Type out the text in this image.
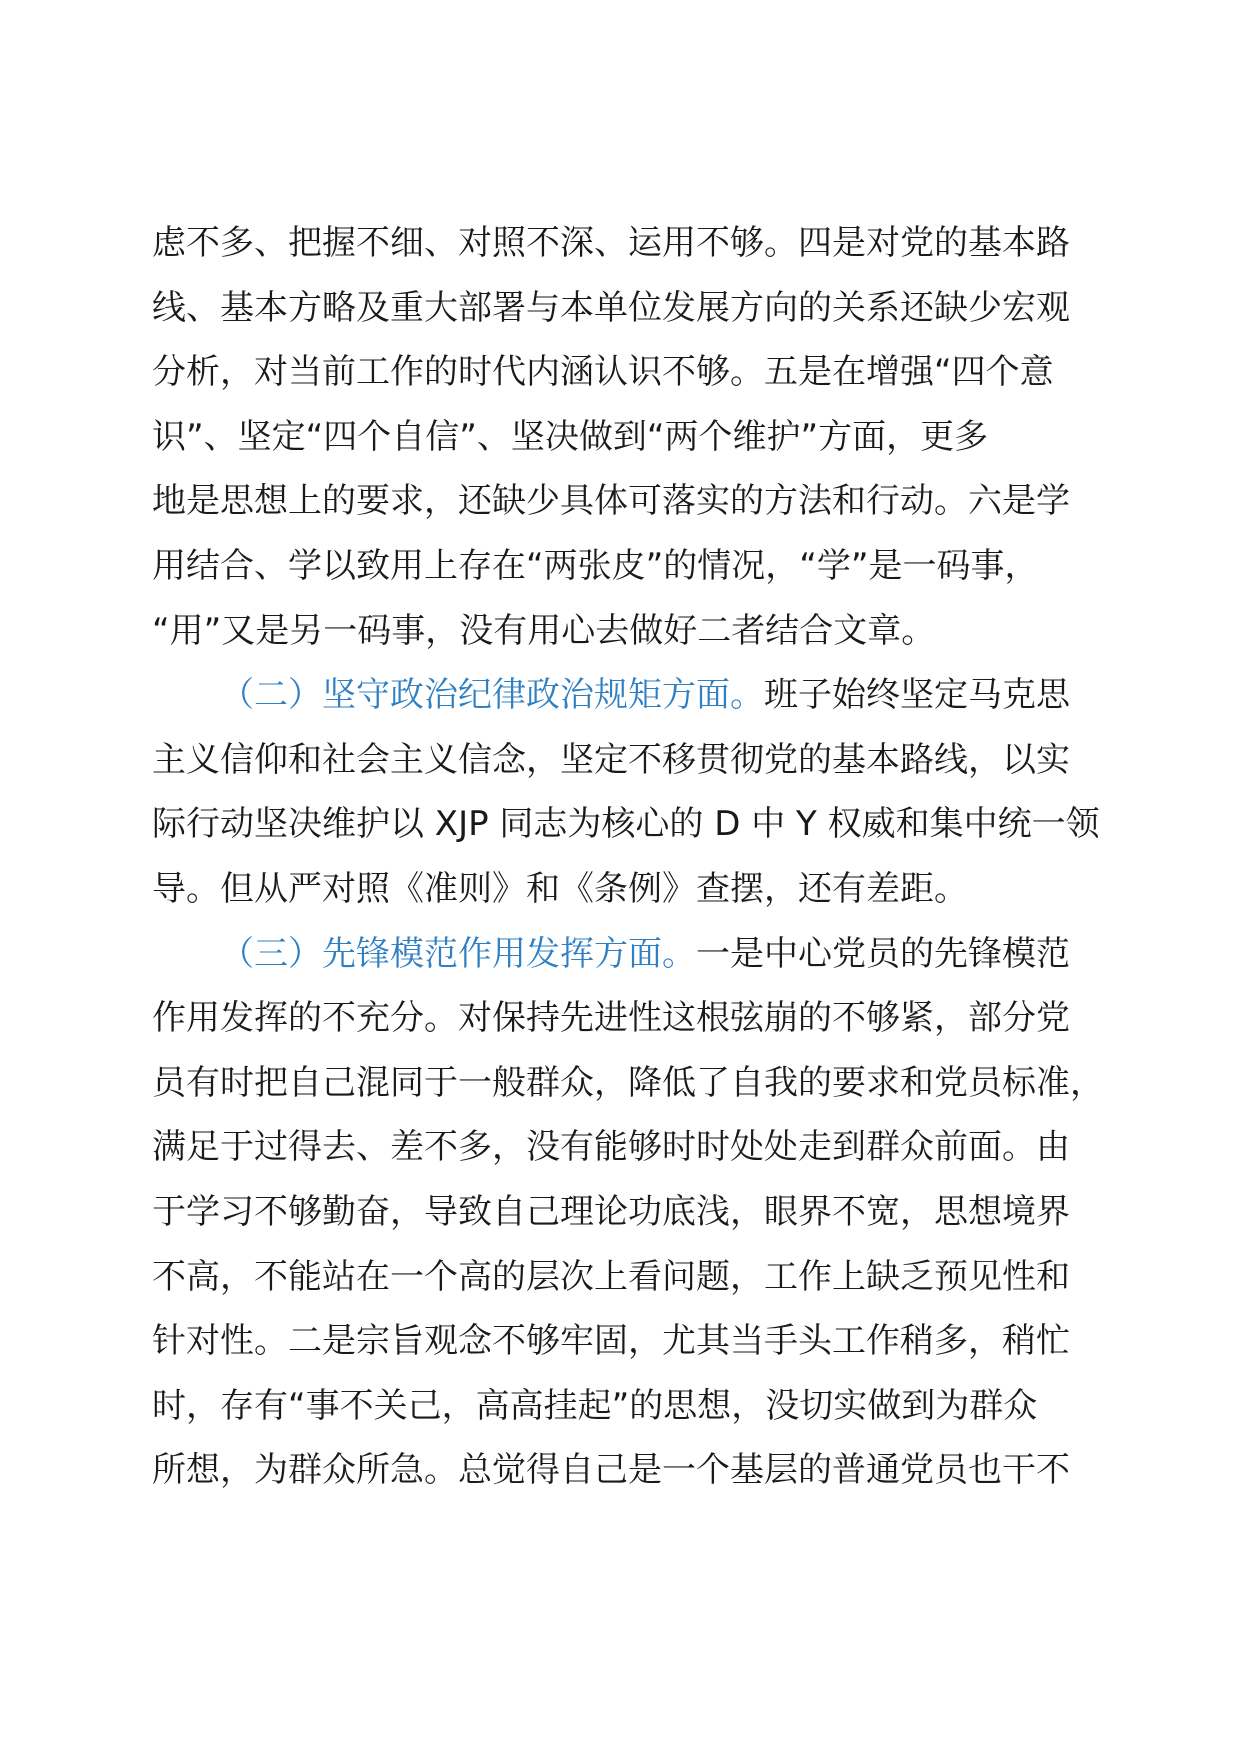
虑不多、把握不细、对照不深、运用不够。四是对党的基本路
线、基本方略及重大部署与本单位发展方向的关系还缺少宏观
分析，对当前工作的时代内涵认识不够。五是在增强“四个意
识”、坚定“四个自信”、坚决做到“两个维护”方面，更多
地是思想上的要求，还缺少具体可落实的方法和行动。六是学
用结合、学以致用上存在“两张皮”的情况，“学”是一码事，
“用”又是另一码事，没有用心去做好二者结合文章。
（二）坚守政治纪律政治规矩方面。班子始终坚定马克思
主义信仰和社会主义信念，坚定不移贯彻党的基本路线，以实
际行动坚决维护以 XJP 同志为核心的 D 中 Y 权威和集中统一领
导。但从严对照《准则》和《条例》查摆，还有差距。
（三）先锋模范作用发挥方面。一是中心党员的先锋模范
作用发挥的不充分。对保持先进性这根弦崩的不够紧，部分党
员有时把自己混同于一般群众，降低了自我的要求和党员标准，
满足于过得去、差不多，没有能够时时处处走到群众前面。由
于学习不够勤奋，导致自己理论功底浅，眼界不宽，思想境界
不高，不能站在一个高的层次上看问题，工作上缺乏预见性和
针对性。二是宗旨观念不够牢固，尤其当手头工作稍多，稍忙
时，存有“事不关己，高高挂起”的思想，没切实做到为群众
所想，为群众所急。总觉得自己是一个基层的普通党员也干不
